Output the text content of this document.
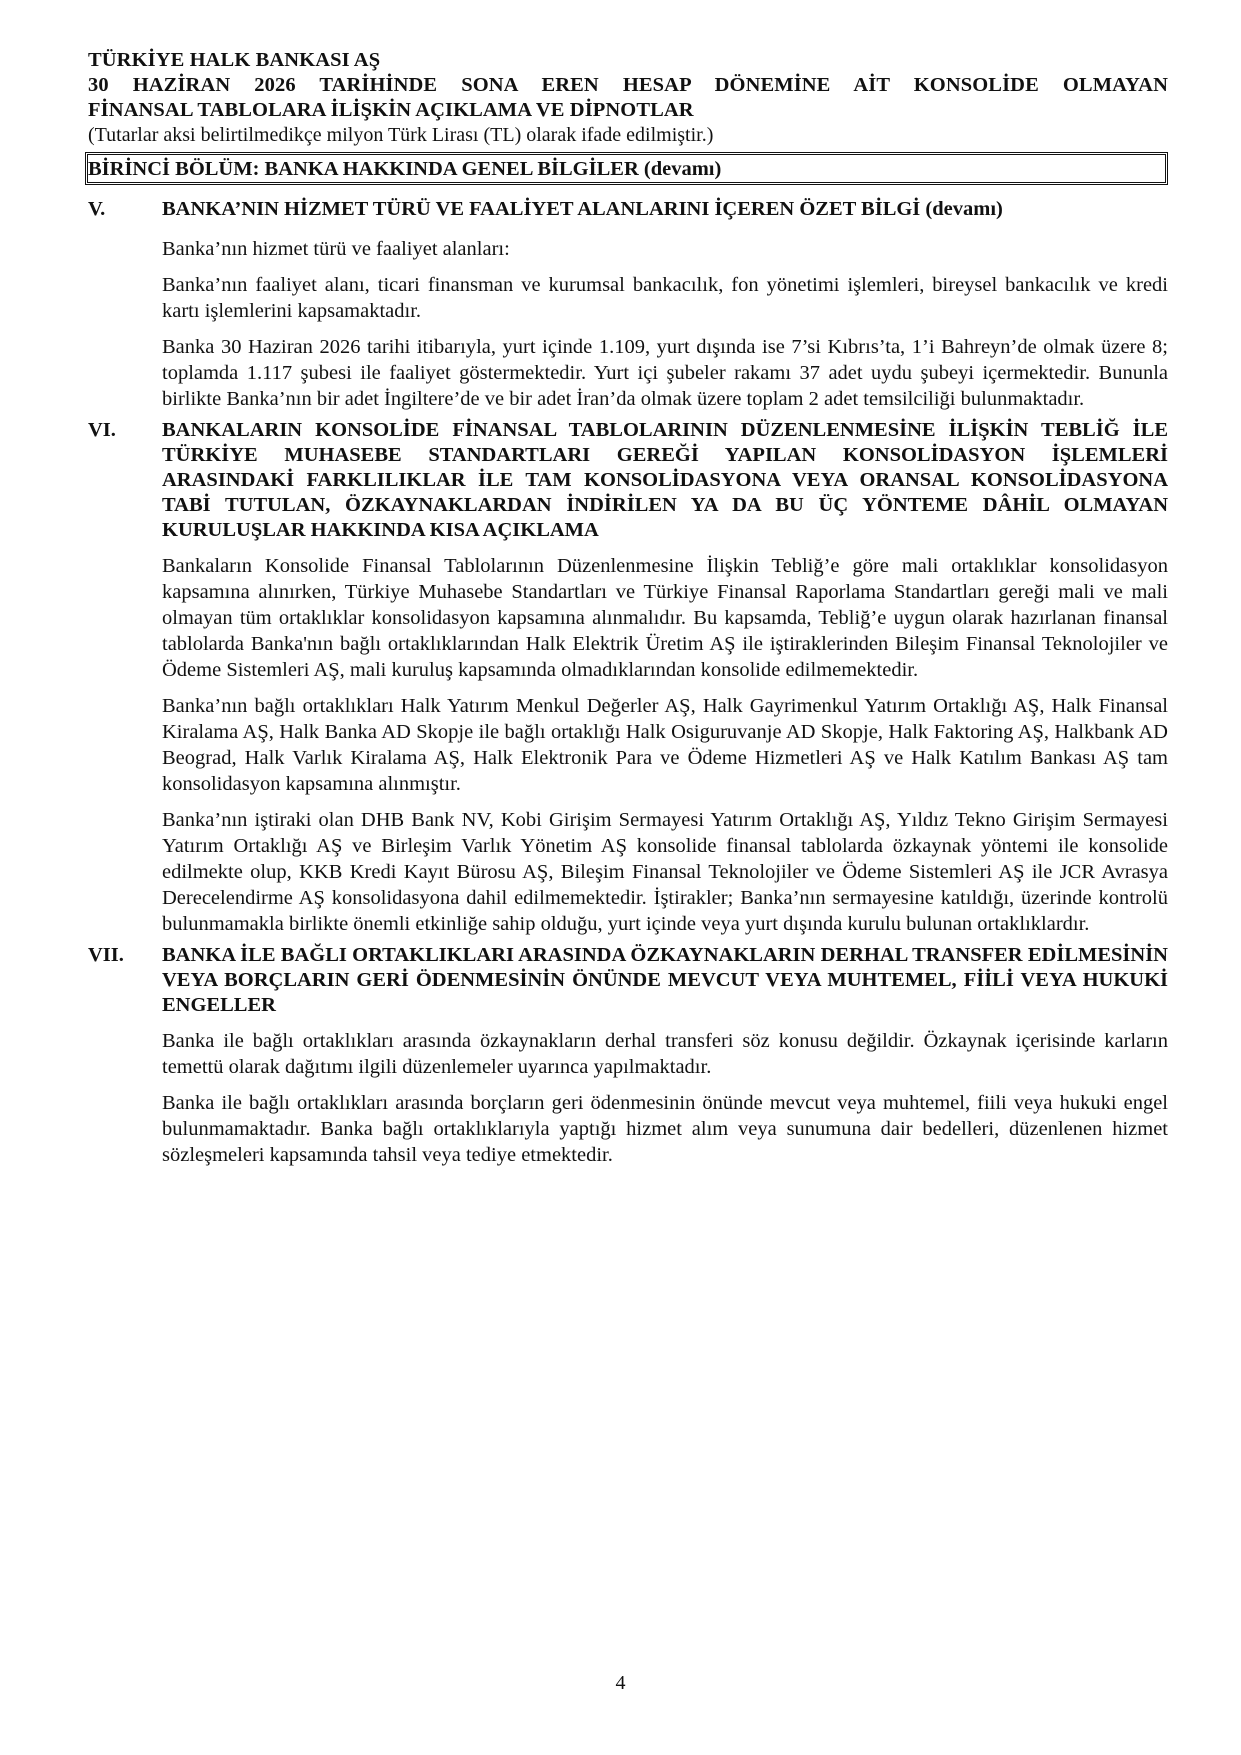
TÜRKİYE HALK BANKASI AŞ
30 HAZİRAN 2026 TARİHİNDE SONA EREN HESAP DÖNEMİNE AİT KONSOLİDE OLMAYAN
FİNANSAL TABLOLARA İLİŞKİN AÇIKLAMA VE DİPNOTLAR
(Tutarlar aksi belirtilmedikçe milyon Türk Lirası (TL) olarak ifade edilmiştir.)
BİRİNCİ BÖLÜM: BANKA HAKKINDA GENEL BİLGİLER (devamı)
V.	BANKA’NIN HİZMET TÜRÜ VE FAALİYET ALANLARINI İÇEREN ÖZET BİLGİ (devamı)
Banka’nın hizmet türü ve faaliyet alanları:
Banka’nın faaliyet alanı, ticari finansman ve kurumsal bankacılık, fon yönetimi işlemleri, bireysel bankacılık ve kredi kartı işlemlerini kapsamaktadır.
Banka 30 Haziran 2026 tarihi itibarıyla, yurt içinde 1.109, yurt dışında ise 7’si Kıbrıs’ta, 1’i Bahreyn’de olmak üzere 8; toplamda 1.117 şubesi ile faaliyet göstermektedir. Yurt içi şubeler rakamı 37 adet uydu şubeyi içermektedir. Bununla birlikte Banka’nın bir adet İngiltere’de ve bir adet İran’da olmak üzere toplam 2 adet temsilciliği bulunmaktadır.
VI.	BANKALARIN KONSOLİDE FİNANSAL TABLOLARININ DÜZENLENMESİNE İLİŞKİN TEBLİĞ İLE TÜRKİYE MUHASEBE STANDARTLARI GEREĞİ YAPILAN KONSOLİDASYON İŞLEMLERİ ARASINDAKİ FARKLILIKLAR İLE TAM KONSOLİDASYONA VEYA ORANSAL KONSOLİDASYONA TABİ TUTULAN, ÖZKAYNAKLARDAN İNDİRİLEN YA DA BU ÜÇ YÖNTEME DÂHİL OLMAYAN KURULUŞLAR HAKKINDA KISA AÇIKLAMA
Bankaların Konsolide Finansal Tablolarının Düzenlenmesine İlişkin Tebliğ’e göre mali ortaklıklar konsolidasyon kapsamına alınırken, Türkiye Muhasebe Standartları ve Türkiye Finansal Raporlama Standartları gereği mali ve mali olmayan tüm ortaklıklar konsolidasyon kapsamına alınmalıdır. Bu kapsamda, Tebliğ’e uygun olarak hazırlanan finansal tablolarda Banka'nın bağlı ortaklıklarından Halk Elektrik Üretim AŞ ile iştiraklerinden Bileşim Finansal Teknolojiler ve Ödeme Sistemleri AŞ, mali kuruluş kapsamında olmadıklarından konsolide edilmemektedir.
Banka’nın bağlı ortaklıkları Halk Yatırım Menkul Değerler AŞ, Halk Gayrimenkul Yatırım Ortaklığı AŞ, Halk Finansal Kiralama AŞ, Halk Banka AD Skopje ile bağlı ortaklığı Halk Osiguruvanje AD Skopje, Halk Faktoring AŞ, Halkbank AD Beograd, Halk Varlık Kiralama AŞ, Halk Elektronik Para ve Ödeme Hizmetleri AŞ ve Halk Katılım Bankası AŞ tam konsolidasyon kapsamına alınmıştır.
Banka’nın iştiraki olan DHB Bank NV, Kobi Girişim Sermayesi Yatırım Ortaklığı AŞ, Yıldız Tekno Girişim Sermayesi Yatırım Ortaklığı AŞ ve Birleşim Varlık Yönetim AŞ konsolide finansal tablolarda özkaynak yöntemi ile konsolide edilmekte olup, KKB Kredi Kayıt Bürosu AŞ, Bileşim Finansal Teknolojiler ve Ödeme Sistemleri AŞ ile JCR Avrasya Derecelendirme AŞ konsolidasyona dahil edilmemektedir. İştirakler; Banka’nın sermayesine katıldığı, üzerinde kontrolü bulunmamakla birlikte önemli etkinliğe sahip olduğu, yurt içinde veya yurt dışında kurulu bulunan ortaklıklardır.
VII.	BANKA İLE BAĞLI ORTAKLIKLARI ARASINDA ÖZKAYNAKLARIN DERHAL TRANSFER EDİLMESİNİN VEYA BORÇLARIN GERİ ÖDENMESİNİN ÖNÜNDE MEVCUT VEYA MUHTEMEL, FİİLİ VEYA HUKUKİ ENGELLER
Banka ile bağlı ortaklıkları arasında özkaynakların derhal transferi söz konusu değildir. Özkaynak içerisinde karların temettü olarak dağıtımı ilgili düzenlemeler uyarınca yapılmaktadır.
Banka ile bağlı ortaklıkları arasında borçların geri ödenmesinin önünde mevcut veya muhtemel, fiili veya hukuki engel bulunmamaktadır. Banka bağlı ortaklıklarıyla yaptığı hizmet alım veya sunumuna dair bedelleri, düzenlenen hizmet sözleşmeleri kapsamında tahsil veya tediye etmektedir.
4
